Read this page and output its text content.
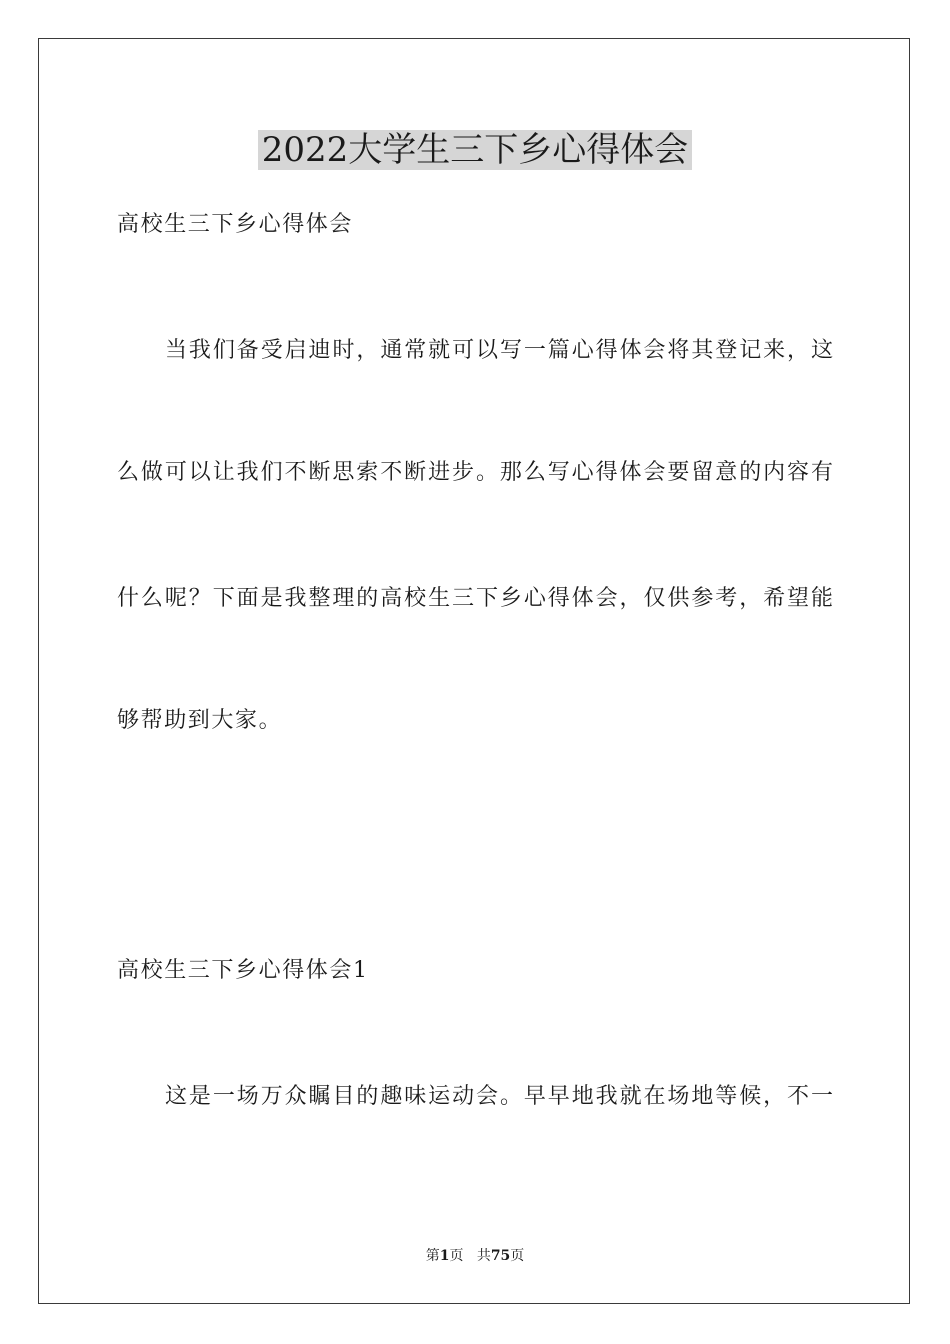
2022大学生三下乡心得体会
高校生三下乡心得体会
当我们备受启迪时，通常就可以写一篇心得体会将其登记来，这
么做可以让我们不断思索不断进步。那么写心得体会要留意的内容有
什么呢？下面是我整理的高校生三下乡心得体会，仅供参考，希望能
够帮助到大家。
高校生三下乡心得体会1
这是一场万众瞩目的趣味运动会。早早地我就在场地等候，不一
第1页 共75页
